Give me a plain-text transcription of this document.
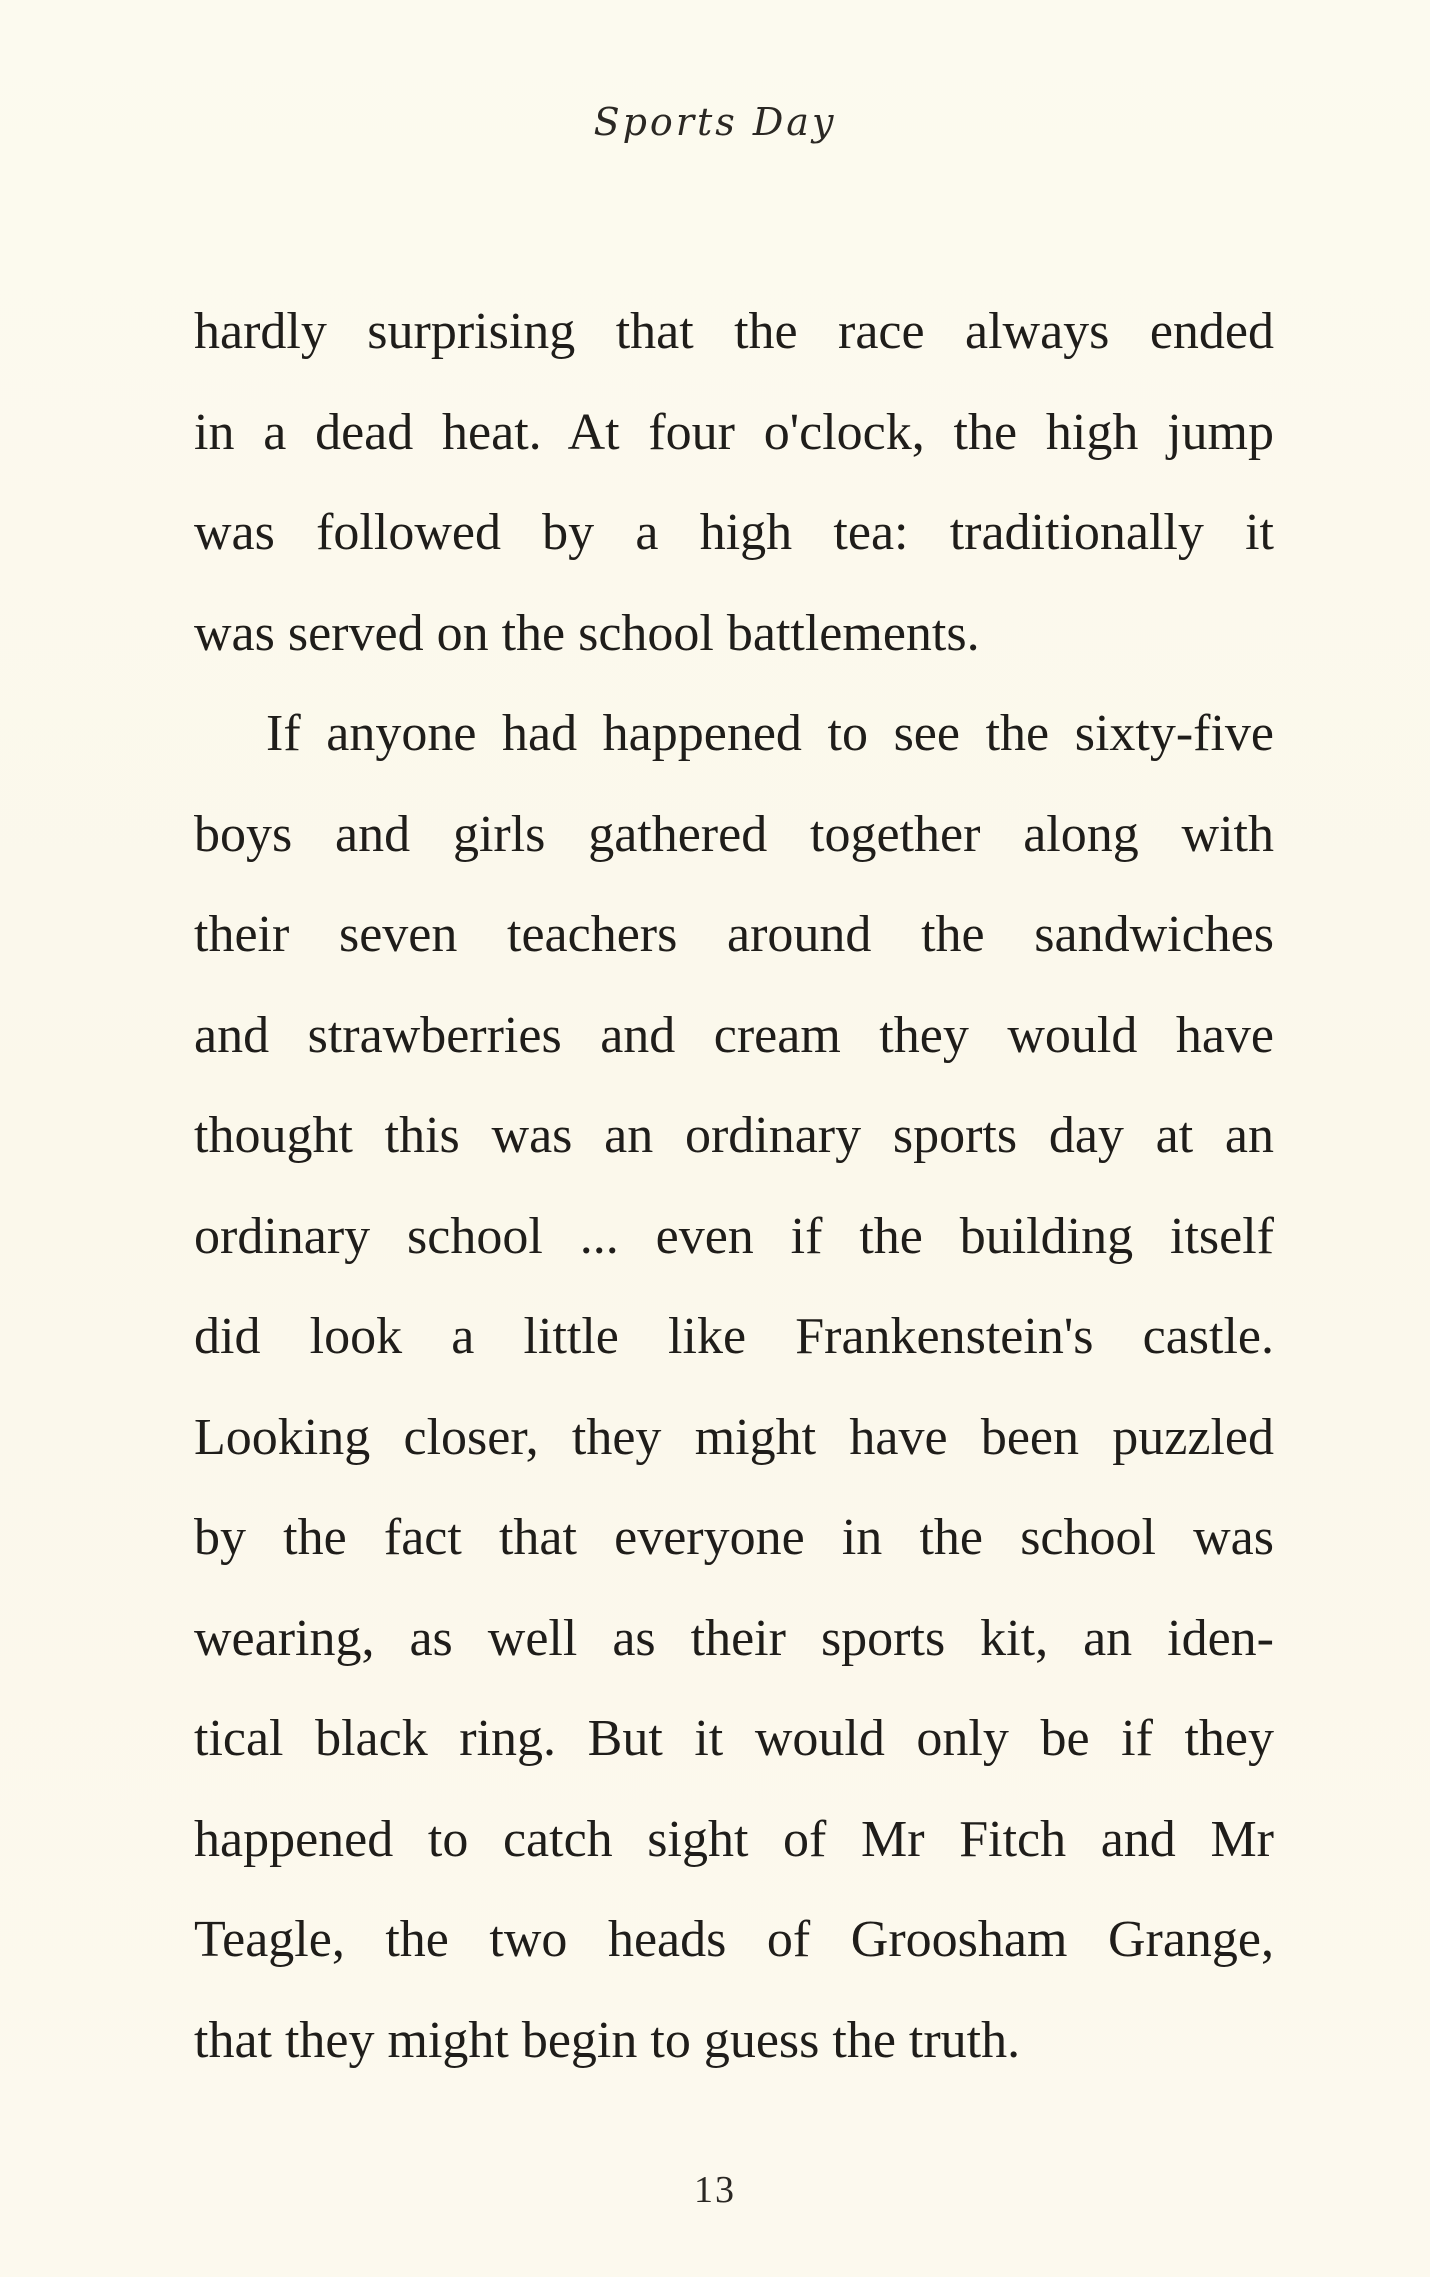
Sports Day
hardly surprising that the race always ended
in a dead heat. At four o'clock, the high jump
was followed by a high tea: traditionally it
was served on the school battlements.
If anyone had happened to see the sixty-five
boys and girls gathered together along with
their seven teachers around the sandwiches
and strawberries and cream they would have
thought this was an ordinary sports day at an
ordinary school ... even if the building itself
did look a little like Frankenstein's castle.
Looking closer, they might have been puzzled
by the fact that everyone in the school was
wearing, as well as their sports kit, an iden-
tical black ring. But it would only be if they
happened to catch sight of Mr Fitch and Mr
Teagle, the two heads of Groosham Grange,
that they might begin to guess the truth.
13
